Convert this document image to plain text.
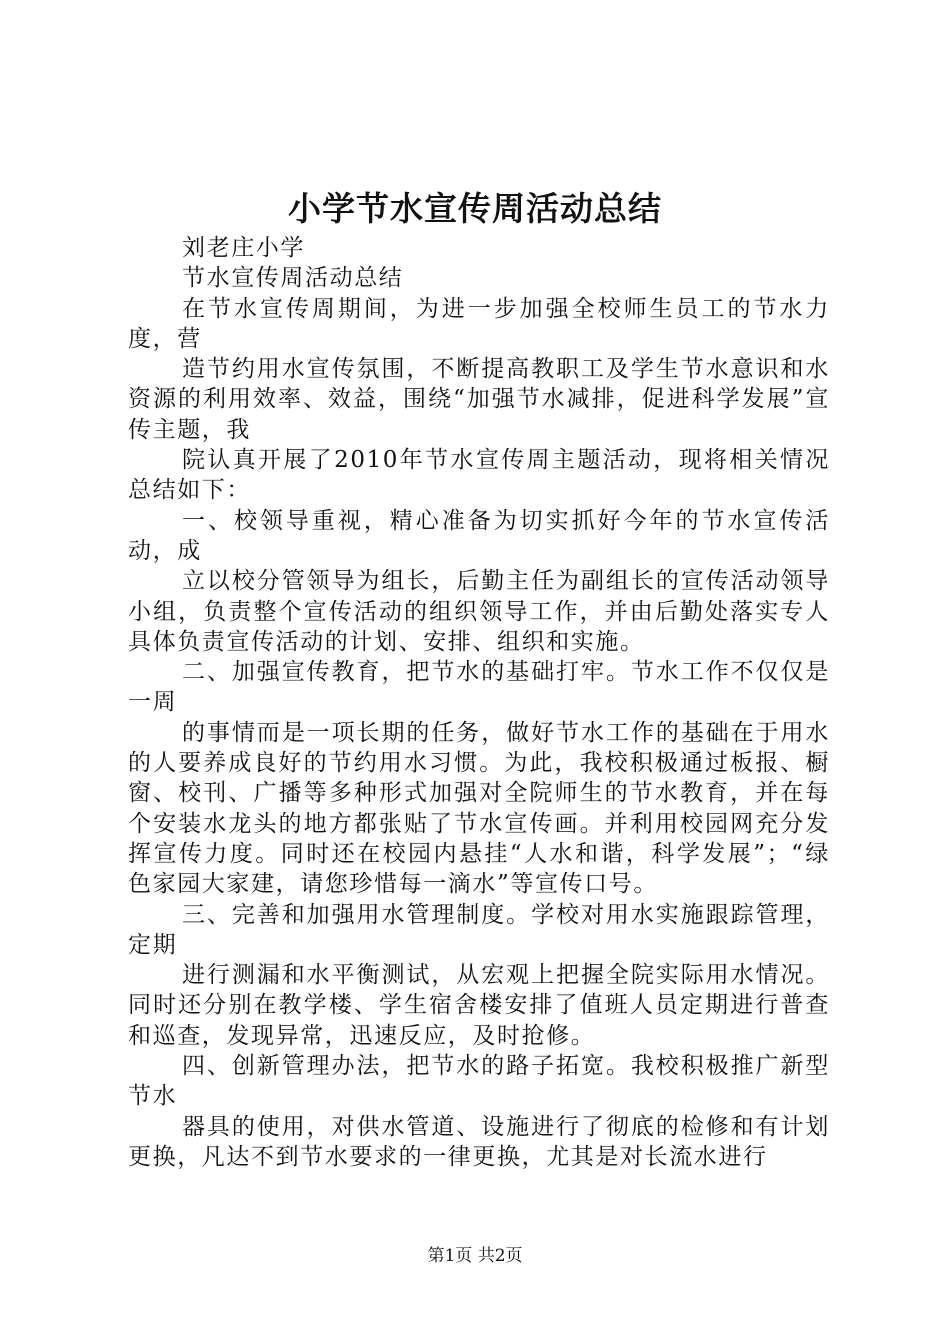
小学节水宣传周活动总结

刘老庄小学

节水宣传周活动总结

在节水宣传周期间，为进一步加强全校师生员工的节水力度，营

造节约用水宣传氛围，不断提高教职工及学生节水意识和水资源的利用效率、效益，围绕“加强节水减排，促进科学发展”宣传主题，我

院认真开展了2010年节水宣传周主题活动，现将相关情况总结如下：

一、校领导重视，精心准备为切实抓好今年的节水宣传活动，成

立以校分管领导为组长，后勤主任为副组长的宣传活动领导小组，负责整个宣传活动的组织领导工作，并由后勤处落实专人具体负责宣传活动的计划、安排、组织和实施。

二、加强宣传教育，把节水的基础打牢。节水工作不仅仅是一周

的事情而是一项长期的任务，做好节水工作的基础在于用水的人要养成良好的节约用水习惯。为此，我校积极通过板报、橱窗、校刊、广播等多种形式加强对全院师生的节水教育，并在每个安装水龙头的地方都张贴了节水宣传画。并利用校园网充分发挥宣传力度。同时还在校园内悬挂“人水和谐，科学发展”；“绿色家园大家建，请您珍惜每一滴水”等宣传口号。

三、完善和加强用水管理制度。学校对用水实施跟踪管理，定期

进行测漏和水平衡测试，从宏观上把握全院实际用水情况。同时还分别在教学楼、学生宿舍楼安排了值班人员定期进行普查和巡查，发现异常，迅速反应，及时抢修。

四、创新管理办法，把节水的路子拓宽。我校积极推广新型节水

器具的使用，对供水管道、设施进行了彻底的检修和有计划更换，凡达不到节水要求的一律更换，尤其是对长流水进行

第1页 共2页
